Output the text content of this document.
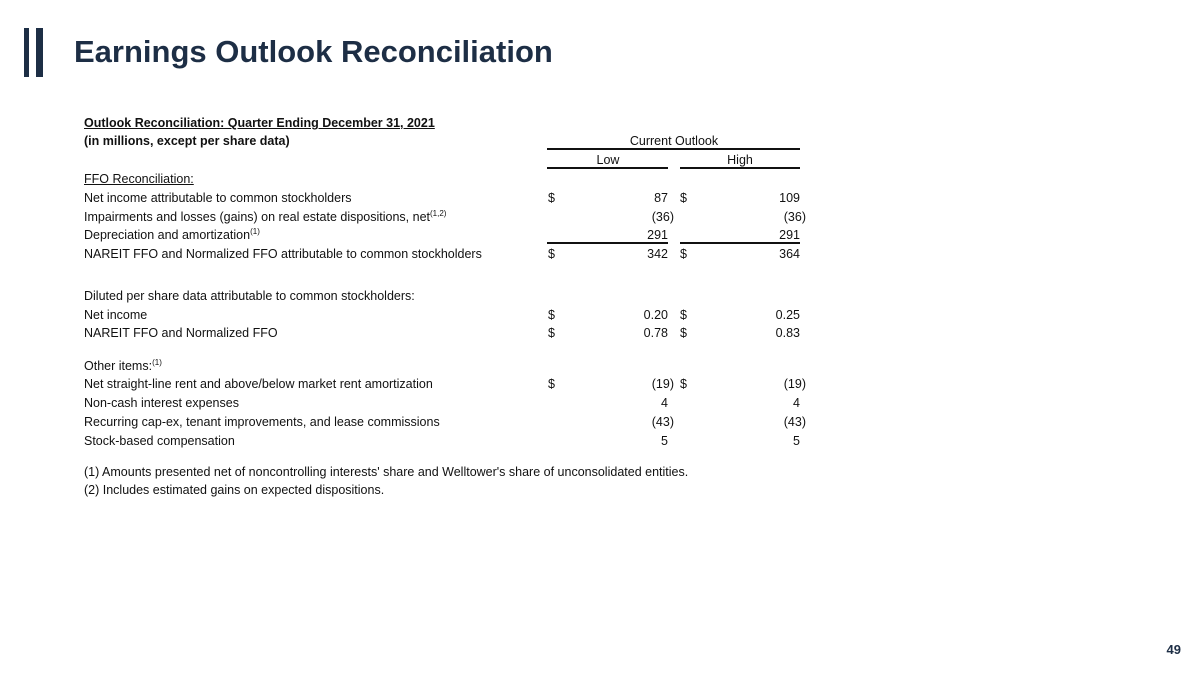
Earnings Outlook Reconciliation
Outlook Reconciliation: Quarter Ending December 31, 2021
(in millions, except per share data)	Current Outlook
Low	High
FFO Reconciliation:
Net income attributable to common stockholders	$	87 $	109
Impairments and losses (gains) on real estate dispositions, net$^{(1,2)}$	(36)	(36)
Depreciation and amortization$^{(1)}$	291	291
NAREIT FFO and Normalized FFO attributable to common stockholders	$	342 $	364
Diluted per share data attributable to common stockholders:
Net income	$	0.20 $	0.25
NAREIT FFO and Normalized FFO	$	0.78 $	0.83
Other items:$^{(1)}$
Net straight-line rent and above/below market rent amortization	$	(19) $	(19)
Non-cash interest expenses	4	4
Recurring cap-ex, tenant improvements, and lease commissions	(43)	(43)
Stock-based compensation	5	5
(1) Amounts presented net of noncontrolling interests' share and Welltower's share of unconsolidated entities.
(2) Includes estimated gains on expected dispositions.
49
